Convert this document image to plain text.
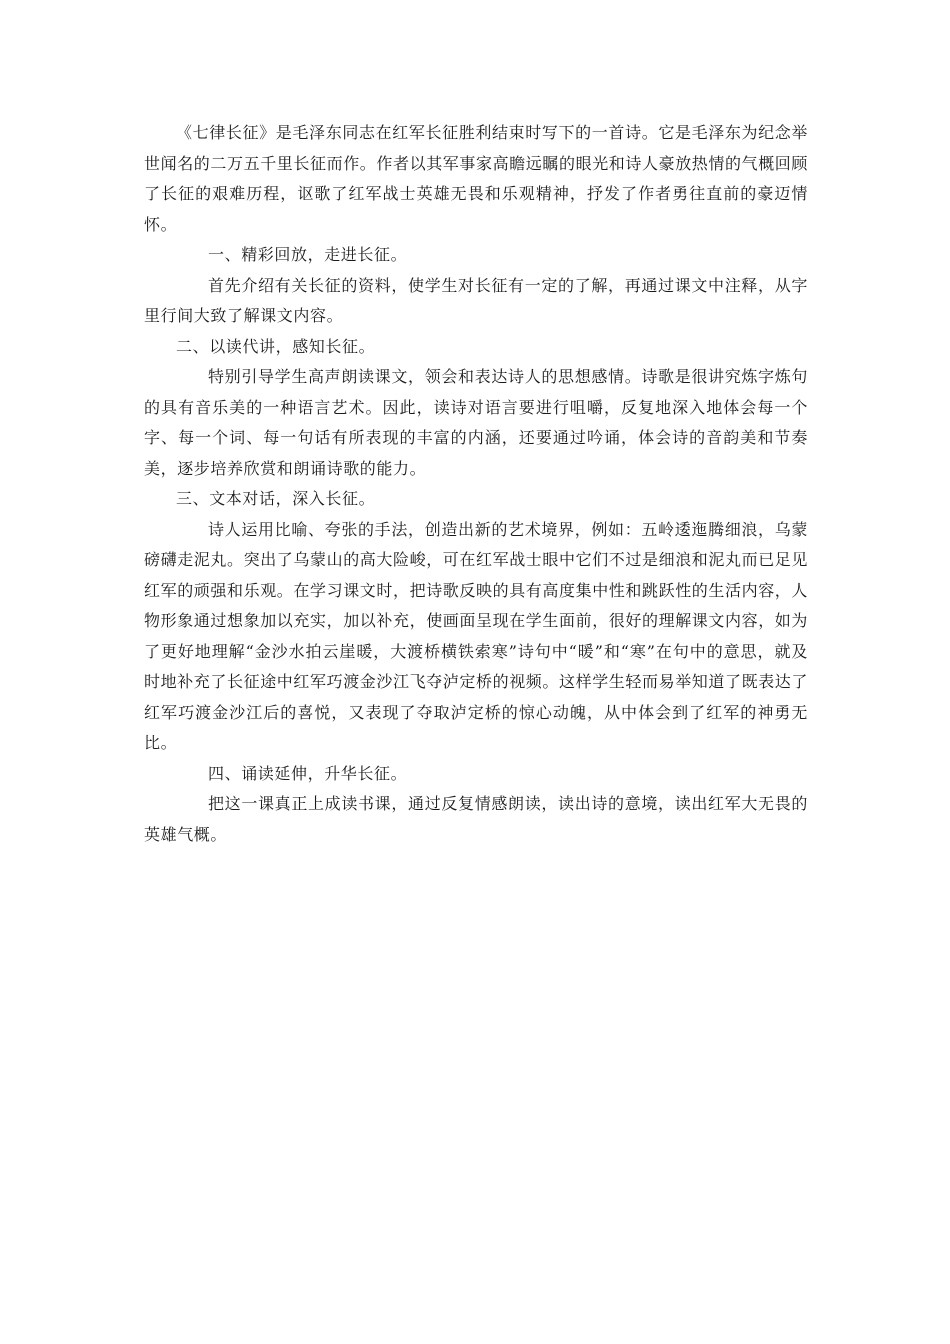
《七律长征》是毛泽东同志在红军长征胜利结束时写下的一首诗。它是毛泽东为纪念举世闻名的二万五千里长征而作。作者以其军事家高瞻远瞩的眼光和诗人豪放热情的气概回顾了长征的艰难历程，讴歌了红军战士英雄无畏和乐观精神，抒发了作者勇往直前的豪迈情怀。

一、精彩回放，走进长征。

首先介绍有关长征的资料，使学生对长征有一定的了解，再通过课文中注释，从字里行间大致了解课文内容。

二、以读代讲，感知长征。

特别引导学生高声朗读课文，领会和表达诗人的思想感情。诗歌是很讲究炼字炼句的具有音乐美的一种语言艺术。因此，读诗对语言要进行咀嚼，反复地深入地体会每一个字、每一个词、每一句话有所表现的丰富的内涵，还要通过吟诵，体会诗的音韵美和节奏美，逐步培养欣赏和朗诵诗歌的能力。

三、文本对话，深入长征。

诗人运用比喻、夸张的手法，创造出新的艺术境界，例如：五岭逶迤腾细浪，乌蒙磅礴走泥丸。突出了乌蒙山的高大险峻，可在红军战士眼中它们不过是细浪和泥丸而已足见红军的顽强和乐观。在学习课文时，把诗歌反映的具有高度集中性和跳跃性的生活内容，人物形象通过想象加以充实，加以补充，使画面呈现在学生面前，很好的理解课文内容，如为了更好地理解“金沙水拍云崖暖，大渡桥横铁索寒”诗句中“暖”和“寒”在句中的意思，就及时地补充了长征途中红军巧渡金沙江飞夺泸定桥的视频。这样学生轻而易举知道了既表达了红军巧渡金沙江后的喜悦，又表现了夺取泸定桥的惊心动魄，从中体会到了红军的神勇无比。

四、诵读延伸，升华长征。

把这一课真正上成读书课，通过反复情感朗读，读出诗的意境，读出红军大无畏的英雄气概。
